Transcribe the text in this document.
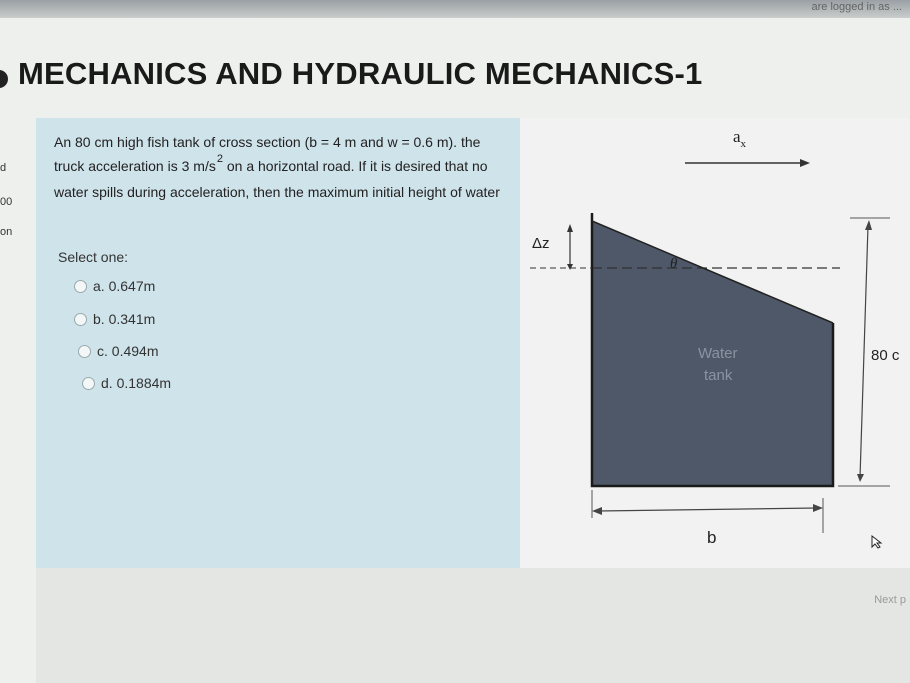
are logged in as ...
MECHANICS AND HYDRAULIC MECHANICS-1
d
00
on
An 80 cm high fish tank of cross section (b = 4 m and w = 0.6 m). the truck acceleration is 3 $m/s^2$ on a horizontal road. If it is desired that no water spills during acceleration, then the maximum initial height of water
Select one:
a. 0.647m
b. 0.341m
c. 0.494m
d. 0.1884m
$a_x$
Δz
θ
Water
tank
80 c
b
Next p
